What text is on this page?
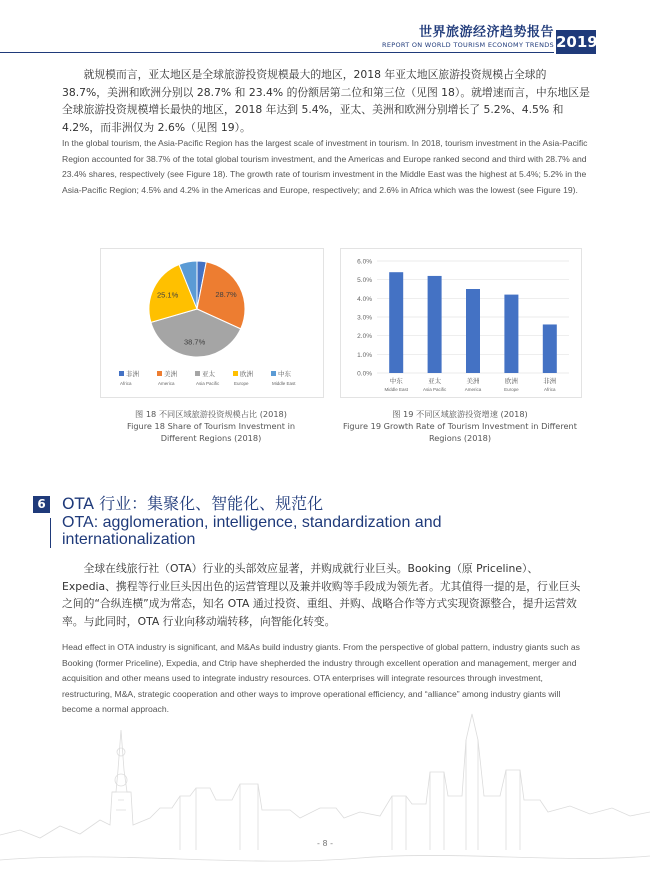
世界旅游经济趋势报告
REPORT ON WORLD TOURISM ECONOMY TRENDS 2019

就规模而言，亚太地区是全球旅游投资规模最大的地区，2018 年亚太地区旅游投资规模占全球的 38.7%，美洲和欧洲分别以 28.7% 和 23.4% 的份额居第二位和第三位（见图 18）。就增速而言，中东地区是全球旅游投资规模增长最快的地区，2018 年达到 5.4%，亚太、美洲和欧洲分别增长了 5.2%、4.5% 和 4.2%，而非洲仅为 2.6%（见图 19）。

In the global tourism, the Asia-Pacific Region has the largest scale of investment in tourism. In 2018, tourism investment in the Asia-Pacific Region accounted for 38.7% of the total global tourism investment, and the Americas and Europe ranked second and third with 28.7% and 23.4% shares, respectively (see Figure 18). The growth rate of tourism investment in the Middle East was the highest at 5.4%; 5.2% in the Asia-Pacific Region; 4.5% and 4.2% in the Americas and Europe, respectively; and 2.6% in Africa which was the lowest (see Figure 19).

28.7%
38.7%
25.1%
非洲
Africa
美洲
America
亚太
Asia Pacific
欧洲
Europe
中东
Middle East
0.0%
1.0%
2.0%
3.0%
4.0%
5.0%
6.0%
中东
Middle East
亚太
Asia Pacific
美洲
America
欧洲
Europe
非洲
Africa
图 18 不同区域旅游投资规模占比 (2018)
Figure 18 Share of Tourism Investment in
Different Regions (2018)
图 19 不同区域旅游投资增速 (2018)
Figure 19 Growth Rate of Tourism Investment in Different
Regions (2018)
6 OTA 行业：集聚化、智能化、规范化
OTA: agglomeration, intelligence, standardization and internationalization

全球在线旅行社（OTA）行业的头部效应显著，并购成就行业巨头。Booking（原 Priceline）、Expedia、携程等行业巨头因出色的运营管理以及兼并收购等手段成为领先者。尤其值得一提的是，行业巨头之间的“合纵连横”成为常态，知名 OTA 通过投资、重组、并购、战略合作等方式实现资源整合，提升运营效率。与此同时，OTA 行业向移动端转移，向智能化转变。

Head effect in OTA industry is significant, and M&As build industry giants. From the perspective of global pattern, industry giants such as Booking (former Priceline), Expedia, and Ctrip have shepherded the industry through excellent operation and management, merger and acquisition and other means used to integrate industry resources. OTA enterprises will integrate resources through investment, restructuring, M&A, strategic cooperation and other ways to improve operational efficiency, and “alliance” among industry giants will become a normal approach.

- 8 -
